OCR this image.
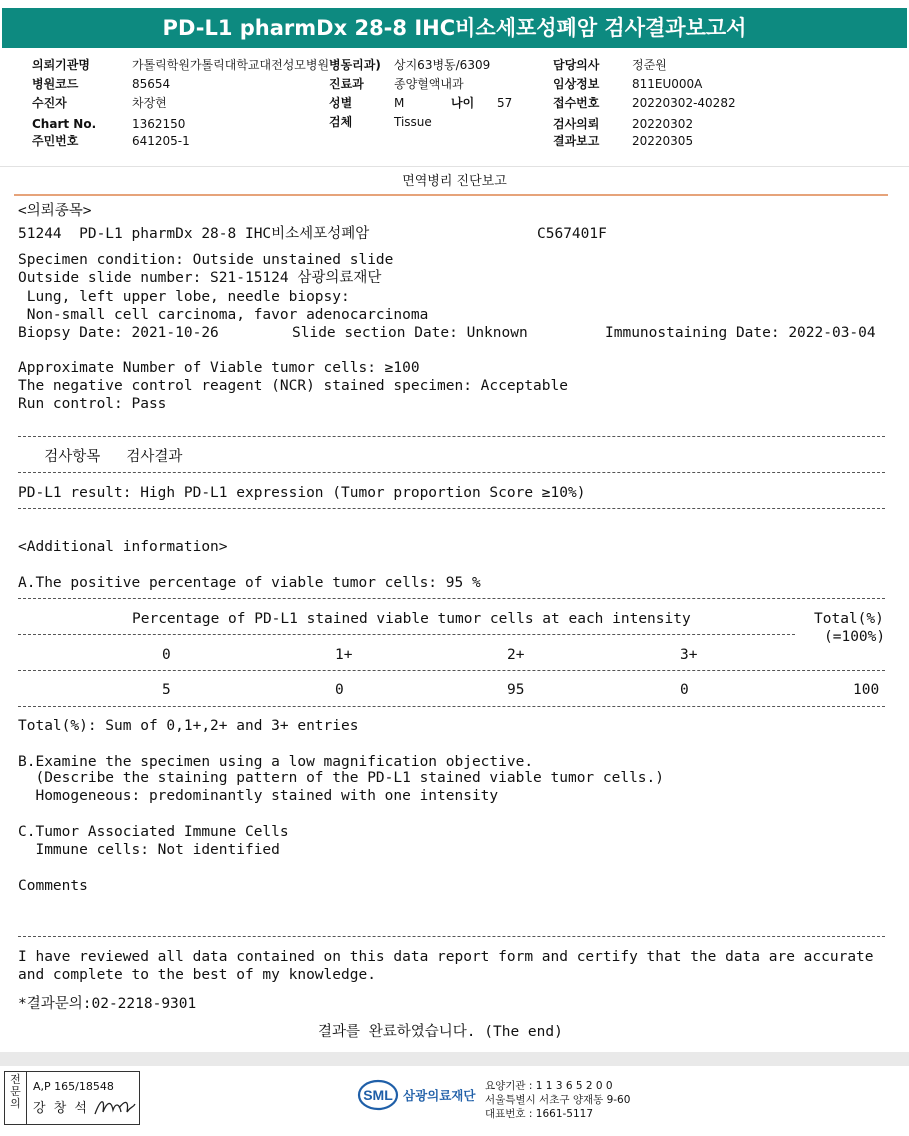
PD-L1 pharmDx 28-8 IHC비소세포성폐암 검사결과보고서
의뢰기관명	가톨릭학원가톨릭대학교대전성모병원 병동리과) 상지63병동/6309	담당의사	정준원
병원코드	85654	진료과	종양혈액내과	임상정보	811EU000A
수진자	차장현	성별	M	나이 57	접수번호	20220302-40282
Chart No.	1362150	검체	Tissue	검사의뢰	20220302
주민번호	641205-1	결과보고	20220305
면역병리 진단보고
<의뢰종목>
51244  PD-L1 pharmDx 28-8 IHC비소세포성폐암	C567401F
Specimen condition: Outside unstained slide
Outside slide number: S21-15124 삼광의료재단
Lung, left upper lobe, needle biopsy:
Non-small cell carcinoma, favor adenocarcinoma
Biopsy Date: 2021-10-26	Slide section Date: Unknown	Immunostaining Date: 2022-03-04
Approximate Number of Viable tumor cells: ≥100
The negative control reagent (NCR) stained specimen: Acceptable
Run control: Pass
검사항목   검사결과
PD-L1 result: High PD-L1 expression (Tumor proportion Score ≥10%)
<Additional information>
A.The positive percentage of viable tumor cells: 95 %
Percentage of PD-L1 stained viable tumor cells at each intensity	Total(%)
(=100%)
0	1+	2+	3+
5	0	95	0	100
Total(%): Sum of 0,1+,2+ and 3+ entries
B.Examine the specimen using a low magnification objective.
(Describe the staining pattern of the PD-L1 stained viable tumor cells.)
Homogeneous: predominantly stained with one intensity
C.Tumor Associated Immune Cells
Immune cells: Not identified
Comments
I have reviewed all data contained on this data report form and certify that the data are accurate
and complete to the best of my knowledge.
*결과문의:02-2218-9301
결과를 완료하였습니다. (The end)
전
문
의
A,P 165/18548
강 창 석
SML 삼광의료재단
요양기관 : 1 1 3 6 5 2 0 0
서울특별시 서초구 양재동 9-60
대표번호 : 1661-5117
